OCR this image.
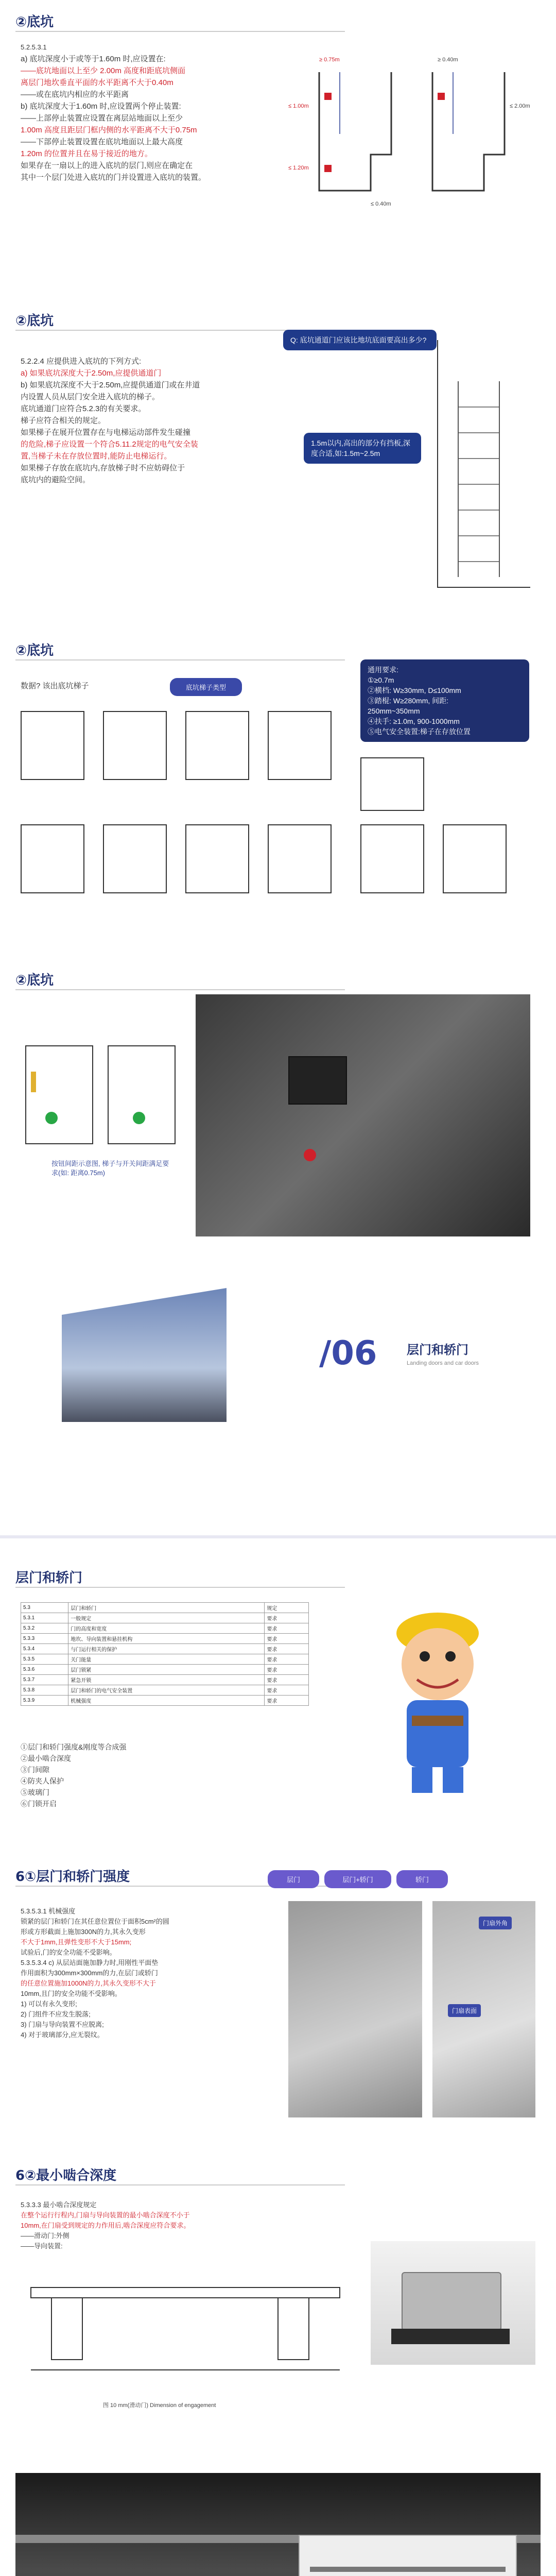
②底坑
5.2.5.3.1
a) 底坑深度小于或等于1.60m 时,应设置在:
——底坑地面以上至少 2.00m 高度和距底坑侧面
离层门地坎垂直平面的水平距离不大于0.40m
——或在底坑内相应的水平距离
b) 底坑深度大于1.60m 时,应设置两个停止装置:
——上部停止装置应设置在离层站地面以上至少
1.00m 高度且距层门框内侧的水平距离不大于0.75m
——下部停止装置设置在底坑地面以上最大高度
1.20m 的位置并且在易于接近的地方。
如果存在一扇以上的进入底坑的层门,则应在确定在
其中一个层门处进入底坑的门并设置进入底坑的装置。
≥ 0.75m
≤ 1.00m
≤ 1.20m
≤ 0.40m
≥ 0.40m
≤ 2.00m
②底坑
5.2.2.4 应提供进入底坑的下列方式:
a) 如果底坑深度大于2.50m,应提供通道门
b) 如果底坑深度不大于2.50m,应提供通道门或在井道
内设置人员从层门安全进入底坑的梯子。
底坑通道门应符合5.2.3的有关要求。
梯子应符合相关的规定。
如果梯子在展开位置存在与电梯运动部件发生碰撞
的危险,梯子应设置一个符合5.11.2规定的电气安全装
置,当梯子未在存放位置时,能防止电梯运行。
如果梯子存放在底坑内,存放梯子时不应妨碍位于
底坑内的避险空间。
Q: 底坑通道门应该比地坑底面要高出多少?
1.5m以内,高出的部分有挡板,深度合适,如:1.5m~2.5m
②底坑
数据? 该出底坑梯子	底坑梯子类型
通用要求:
①≥0.7m
②横档: W≥30mm, D≤100mm
③踏棍: W≥280mm, 间距:
250mm~350mm
④扶手: ≥1.0m, 900-1000mm
⑤电气安全装置:梯子在存放位置
②底坑
按钮间距示意图, 梯子与开关间距满足要求(如: 距离0.75m)
/06 层门和轿门
Landing doors and car doors
层门和轿门
5.3	层门和轿门	规定
5.3.1	一般规定	要求
5.3.2	门的高度和宽度	要求
5.3.3	地坎、导向装置和悬挂机构	要求
5.3.4	与门运行相关的保护	要求
5.3.5	关门能量	要求
5.3.6	层门锁紧	要求
5.3.7	紧急开锁	要求
5.3.8	层门和轿门的电气安全装置	要求
5.3.9	机械强度	要求
①层门和轿门强度&刚度等合成强
②最小啮合深度
③门间隙
④防夹人保护
⑤玻璃门
⑥门锁开启
6①层门和轿门强度	层门	层门+轿门	轿门
5.3.5.3.1 机械强度
锁紧的层门和轿门在其任意位置位于面积5cm²的圆
形或方形截面上施加300N的力,其永久变形
不大于1mm,且弹性变形不大于15mm;
试验后,门的安全功能不受影响。
5.3.5.3.4 c) 从层站面施加静力时,用刚性平面垫
作用面积为300mm×300mm的力,在层门或轿门
的任意位置施加1000N的力,其永久变形不大于
10mm,且门的安全功能不受影响。
1) 可以有永久变形;
2) 门组件不应发生脱落;
3) 门扇与导向装置不应脱离;
4) 对于玻璃部分,应无裂纹。
门扇外角
门扇表面
6②最小啮合深度
5.3.3.3 最小啮合深度规定
在整个运行行程内,门扇与导向装置的最小啮合深度不小于
10mm,在门扇受到规定的力作用后,啮合深度应符合要求。
——滑动门:外侧
——导向装置:
图 10 mm(滑动门) Dimension of engagement
